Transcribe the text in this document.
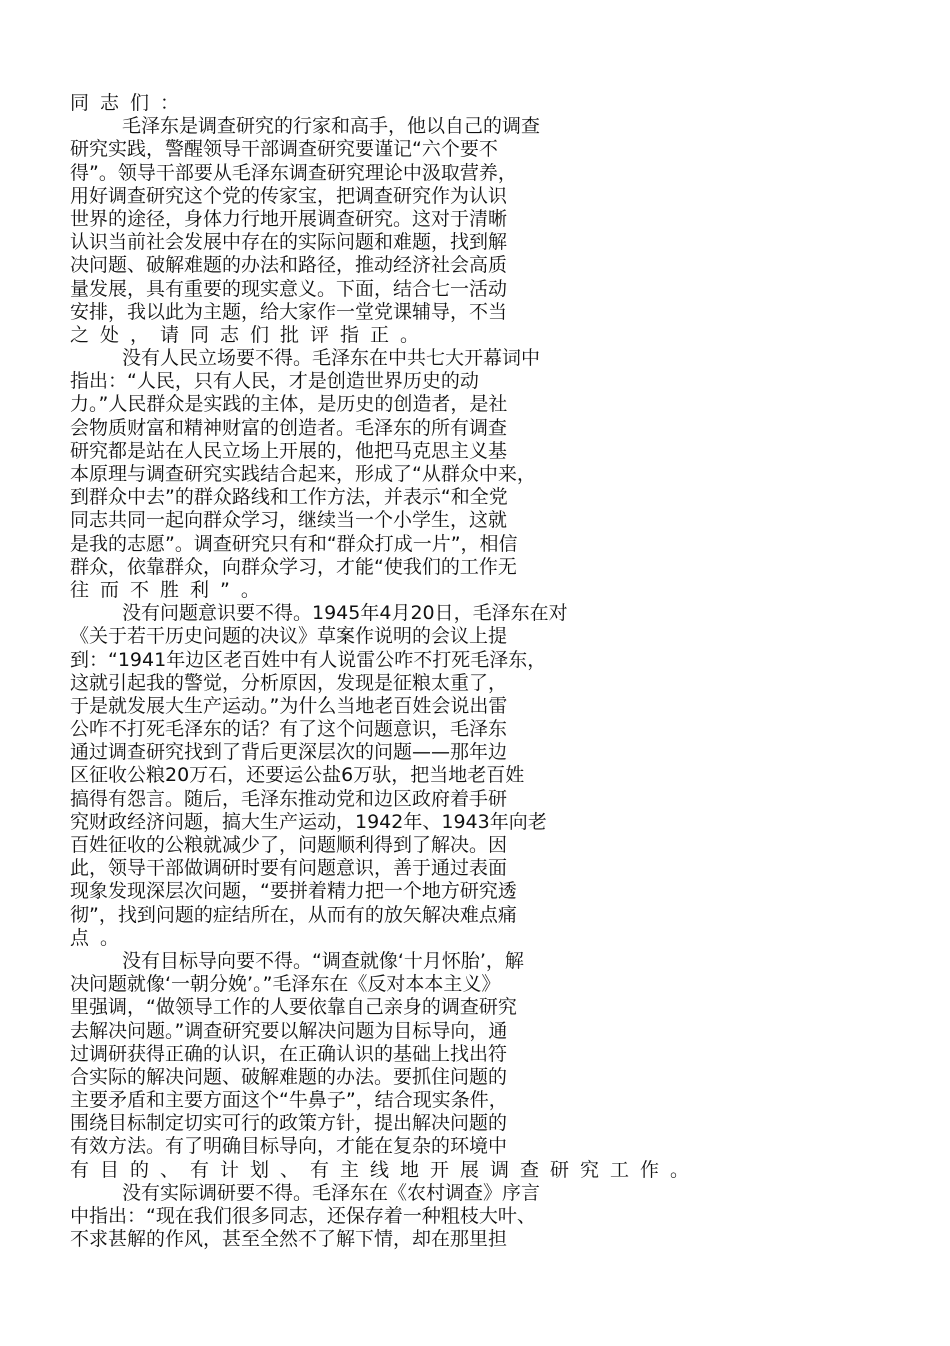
同志们：
毛泽东是调查研究的行家和高手，他以自己的调查
研究实践，警醒领导干部调查研究要谨记“六个要不
得”。领导干部要从毛泽东调查研究理论中汲取营养，
用好调查研究这个党的传家宝，把调查研究作为认识
世界的途径，身体力行地开展调查研究。这对于清晰
认识当前社会发展中存在的实际问题和难题，找到解
决问题、破解难题的办法和路径，推动经济社会高质
量发展，具有重要的现实意义。下面，结合七一活动
安排，我以此为主题，给大家作一堂党课辅导，不当
之处，请同志们批评指正。
没有人民立场要不得。毛泽东在中共七大开幕词中
指出：“人民，只有人民，才是创造世界历史的动
力。”人民群众是实践的主体，是历史的创造者，是社
会物质财富和精神财富的创造者。毛泽东的所有调查
研究都是站在人民立场上开展的，他把马克思主义基
本原理与调查研究实践结合起来，形成了“从群众中来，
到群众中去”的群众路线和工作方法，并表示“和全党
同志共同一起向群众学习，继续当一个小学生，这就
是我的志愿”。调查研究只有和“群众打成一片”，相信
群众，依靠群众，向群众学习，才能“使我们的工作无
往而不胜利”。
没有问题意识要不得。1945年4月20日，毛泽东在对
《关于若干历史问题的决议》草案作说明的会议上提
到：“1941年边区老百姓中有人说雷公咋不打死毛泽东，
这就引起我的警觉，分析原因，发现是征粮太重了，
于是就发展大生产运动。”为什么当地老百姓会说出雷
公咋不打死毛泽东的话？有了这个问题意识，毛泽东
通过调查研究找到了背后更深层次的问题——那年边
区征收公粮20万石，还要运公盐6万驮，把当地老百姓
搞得有怨言。随后，毛泽东推动党和边区政府着手研
究财政经济问题，搞大生产运动，1942年、1943年向老
百姓征收的公粮就减少了，问题顺利得到了解决。因
此，领导干部做调研时要有问题意识，善于通过表面
现象发现深层次问题，“要拼着精力把一个地方研究透
彻”，找到问题的症结所在，从而有的放矢解决难点痛
点。
没有目标导向要不得。“调查就像‘十月怀胎’，解
决问题就像‘一朝分娩’。”毛泽东在《反对本本主义》
里强调，“做领导工作的人要依靠自己亲身的调查研究
去解决问题。”调查研究要以解决问题为目标导向，通
过调研获得正确的认识，在正确认识的基础上找出符
合实际的解决问题、破解难题的办法。要抓住问题的
主要矛盾和主要方面这个“牛鼻子”，结合现实条件，
围绕目标制定切实可行的政策方针，提出解决问题的
有效方法。有了明确目标导向，才能在复杂的环境中
有目的、有计划、有主线地开展调查研究工作。
没有实际调研要不得。毛泽东在《农村调查》序言
中指出：“现在我们很多同志，还保存着一种粗枝大叶、
不求甚解的作风，甚至全然不了解下情，却在那里担
